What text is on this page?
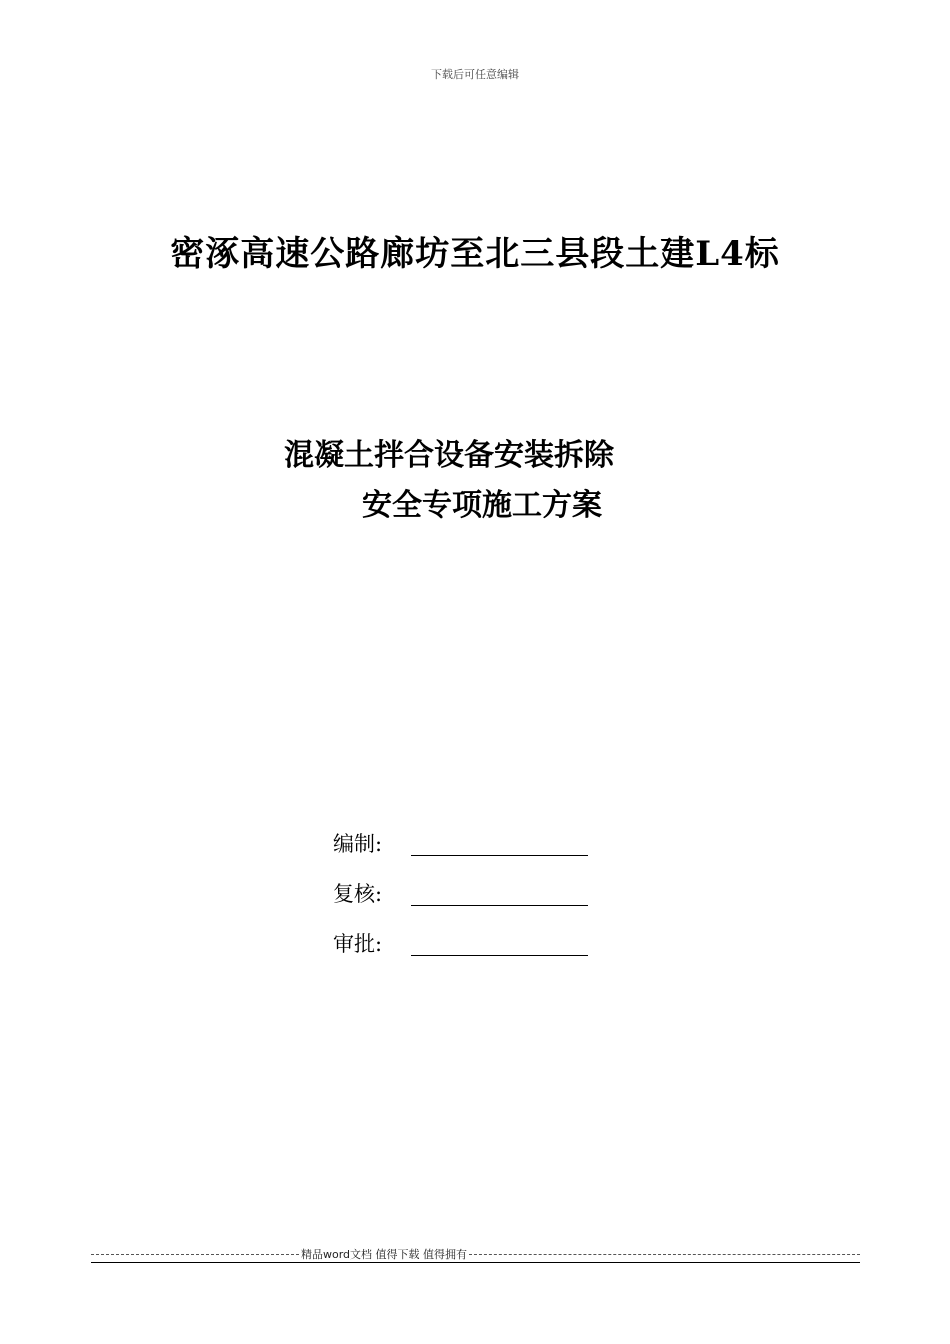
下载后可任意编辑
密涿高速公路廊坊至北三县段土建L4标
混凝土拌合设备安装拆除
安全专项施工方案
编制:
复核:
审批:
精品word文档 值得下载 值得拥有
